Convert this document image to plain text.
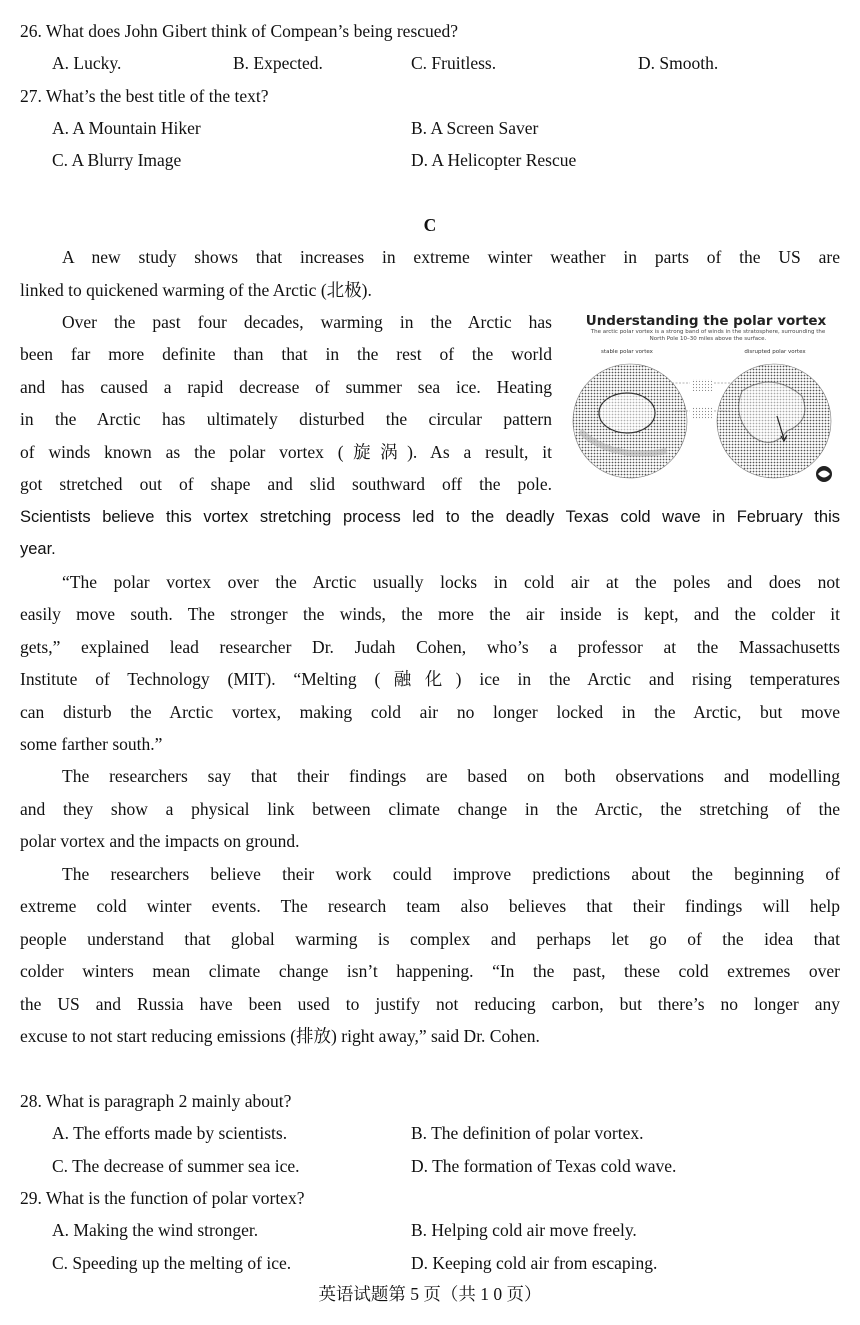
26. What does John Gibert think of Compean’s being rescued?
A. Lucky.	B. Expected.	C. Fruitless.	D. Smooth.
27. What’s the best title of the text?
A. A Mountain Hiker	B. A Screen Saver
C. A Blurry Image	D. A Helicopter Rescue
C
A new study shows that increases in extreme winter weather in parts of the US are
linked to quickened warming of the Arctic (北极).
Over the past four decades, warming in the Arctic has
been far more definite than that in the rest of the world
and has caused a rapid decrease of summer sea ice. Heating
in the Arctic has ultimately disturbed the circular pattern
of winds known as the polar vortex (旋涡). As a result, it
got stretched out of shape and slid southward off the pole.
Scientists believe this vortex stretching process led to the deadly Texas cold wave in February this
year.
Understanding the polar vortex
The arctic polar vortex is a strong band of winds in the stratosphere, surrounding the North Pole 10–30 miles above the surface.
stable polar vortex	disrupted polar vortex
“The polar vortex over the Arctic usually locks in cold air at the poles and does not
easily move south. The stronger the winds, the more the air inside is kept, and the colder it
gets,” explained lead researcher Dr. Judah Cohen, who’s a professor at the Massachusetts
Institute of Technology (MIT). “Melting (融化) ice in the Arctic and rising temperatures
can disturb the Arctic vortex, making cold air no longer locked in the Arctic, but move
some farther south.”
The researchers say that their findings are based on both observations and modelling
and they show a physical link between climate change in the Arctic, the stretching of the
polar vortex and the impacts on ground.
The researchers believe their work could improve predictions about the beginning of
extreme cold winter events. The research team also believes that their findings will help
people understand that global warming is complex and perhaps let go of the idea that
colder winters mean climate change isn’t happening. “In the past, these cold extremes over
the US and Russia have been used to justify not reducing carbon, but there’s no longer any
excuse to not start reducing emissions (排放) right away,” said Dr. Cohen.
28. What is paragraph 2 mainly about?
A. The efforts made by scientists.	B. The definition of polar vortex.
C. The decrease of summer sea ice.	D. The formation of Texas cold wave.
29. What is the function of polar vortex?
A. Making the wind stronger.	B. Helping cold air move freely.
C. Speeding up the melting of ice.	D. Keeping cold air from escaping.
英语试题第 5 页（共 1 0 页）
